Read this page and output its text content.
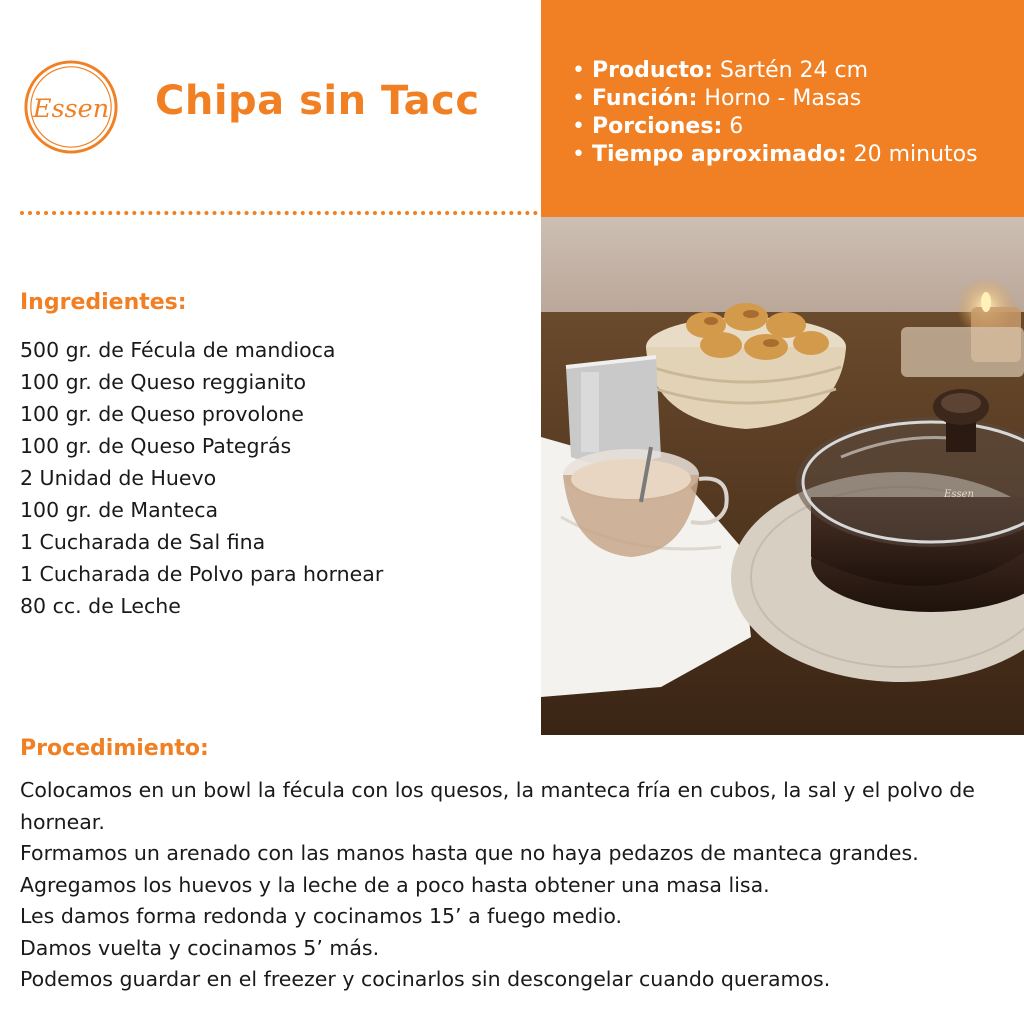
Essen Chipa sin Tacc
• Producto: Sartén 24 cm
• Función: Horno - Masas
• Porciones: 6
• Tiempo aproximado: 20 minutos
Essen
Ingredientes:
500 gr. de Fécula de mandioca
100 gr. de Queso reggianito
100 gr. de Queso provolone
100 gr. de Queso Pategrás
2 Unidad de Huevo
100 gr. de Manteca
1 Cucharada de Sal fina
1 Cucharada de Polvo para hornear
80 cc. de Leche
Procedimiento:

Colocamos en un bowl la fécula con los quesos, la manteca fría en cubos, la sal y el polvo de hornear.

Formamos un arenado con las manos hasta que no haya pedazos de manteca grandes.

Agregamos los huevos y la leche de a poco hasta obtener una masa lisa.

Les damos forma redonda y cocinamos 15’ a fuego medio.

Damos vuelta y cocinamos 5’ más.

Podemos guardar en el freezer y cocinarlos sin descongelar cuando queramos.
